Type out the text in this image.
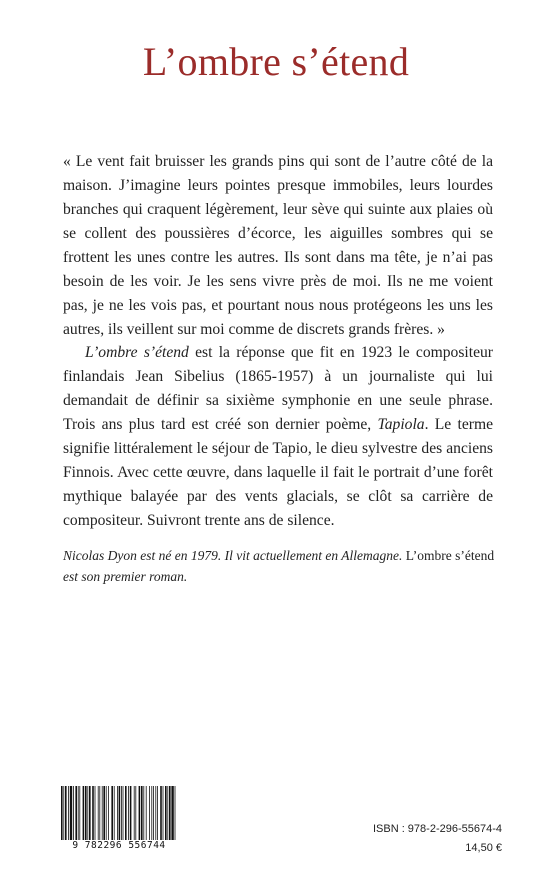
L’ombre s’étend

« Le vent fait bruisser les grands pins qui sont de l’autre côté de la maison. J’imagine leurs pointes presque immobiles, leurs lourdes branches qui craquent légèrement, leur sève qui suinte aux plaies où se collent des poussières d’écorce, les aiguilles sombres qui se frottent les unes contre les autres. Ils sont dans ma tête, je n’ai pas besoin de les voir. Je les sens vivre près de moi. Ils ne me voient pas, je ne les vois pas, et pourtant nous nous protégeons les uns les autres, ils veillent sur moi comme de discrets grands frères. »

L’ombre s’étend est la réponse que fit en 1923 le compositeur finlandais Jean Sibelius (1865-1957) à un journaliste qui lui demandait de définir sa sixième symphonie en une seule phrase. Trois ans plus tard est créé son dernier poème, Tapiola. Le terme signifie littéralement le séjour de Tapio, le dieu sylvestre des anciens Finnois. Avec cette œuvre, dans laquelle il fait le portrait d’une forêt mythique balayée par des vents glacials, se clôt sa carrière de compositeur. Suivront trente ans de silence.

Nicolas Dyon est né en 1979. Il vit actuellement en Allemagne. L’ombre s’étend est son premier roman.

9 782296 556744
ISBN : 978-2-296-55674-4
14,50 €
